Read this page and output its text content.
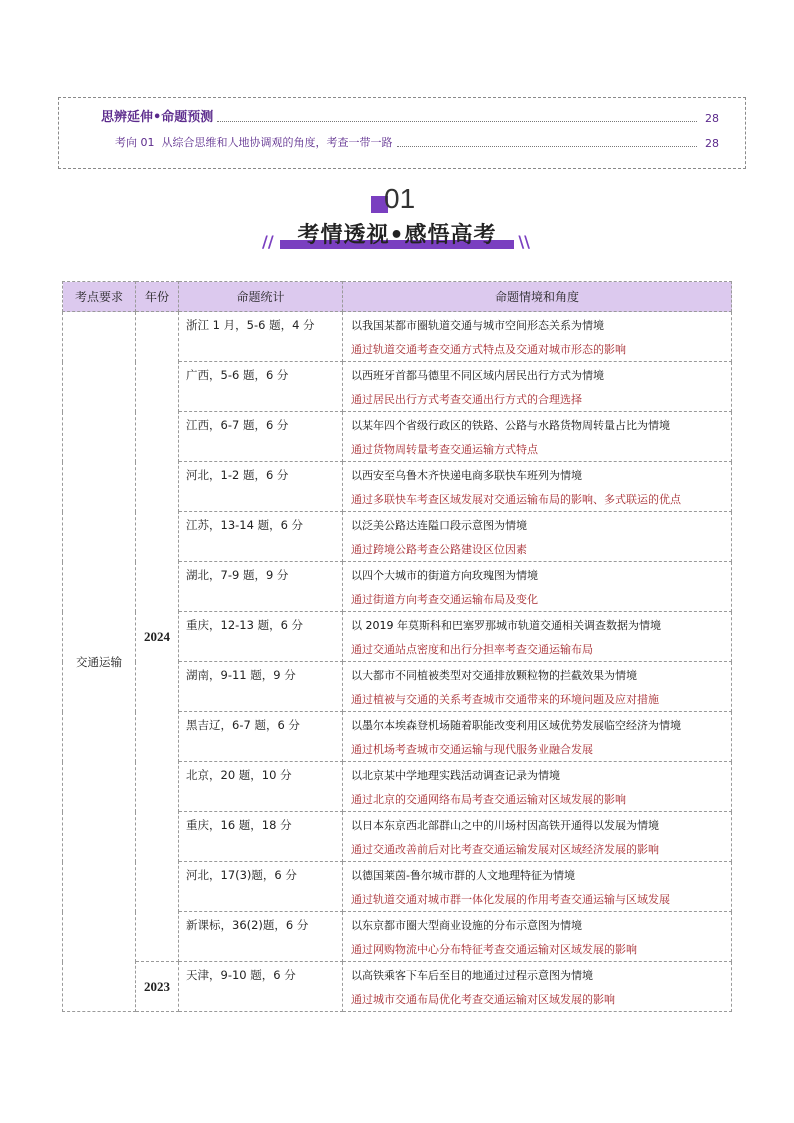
思辨延伸•命题预测	28
考向 01  从综合思维和人地协调观的角度，考查一带一路	28
01
//	考情透视•感悟高考	\\
考点要求	年份	命题统计	命题情境和角度
交通运输	2024	浙江 1 月，5-6 题，4 分	以我国某都市圈轨道交通与城市空间形态关系为情境
通过轨道交通考查交通方式特点及交通对城市形态的影响

		广西，5-6 题，6 分	以西班牙首都马德里不同区域内居民出行方式为情境
通过居民出行方式考查交通出行方式的合理选择

		江西，6-7 题，6 分	以某年四个省级行政区的铁路、公路与水路货物周转量占比为情境
通过货物周转量考查交通运输方式特点

		河北，1-2 题，6 分	以西安至乌鲁木齐快递电商多联快车班列为情境
通过多联快车考查区域发展对交通运输布局的影响、多式联运的优点

		江苏，13-14 题，6 分	以泛美公路达连隘口段示意图为情境
通过跨境公路考查公路建设区位因素

		湖北，7-9 题，9 分	以四个大城市的街道方向玫瑰图为情境
通过街道方向考查交通运输布局及变化

		重庆，12-13 题，6 分	以 2019 年莫斯科和巴塞罗那城市轨道交通相关调查数据为情境
通过交通站点密度和出行分担率考查交通运输布局

		湖南，9-11 题，9 分	以大都市不同植被类型对交通排放颗粒物的拦截效果为情境
通过植被与交通的关系考查城市交通带来的环境问题及应对措施

		黑吉辽，6-7 题，6 分	以墨尔本埃森登机场随着职能改变利用区域优势发展临空经济为情境
通过机场考查城市交通运输与现代服务业融合发展

		北京，20 题，10 分	以北京某中学地理实践活动调查记录为情境
通过北京的交通网络布局考查交通运输对区域发展的影响

		重庆，16 题，18 分	以日本东京西北部群山之中的川场村因高铁开通得以发展为情境
通过交通改善前后对比考查交通运输发展对区域经济发展的影响

		河北，17(3)题，6 分	以德国莱茵-鲁尔城市群的人文地理特征为情境
通过轨道交通对城市群一体化发展的作用考查交通运输与区域发展

		新课标，36(2)题，6 分	以东京都市圈大型商业设施的分布示意图为情境
通过网购物流中心分布特征考查交通运输对区域发展的影响

	2023	天津，9-10 题，6 分	以高铁乘客下车后至目的地通过过程示意图为情境
通过城市交通布局优化考查交通运输对区域发展的影响
